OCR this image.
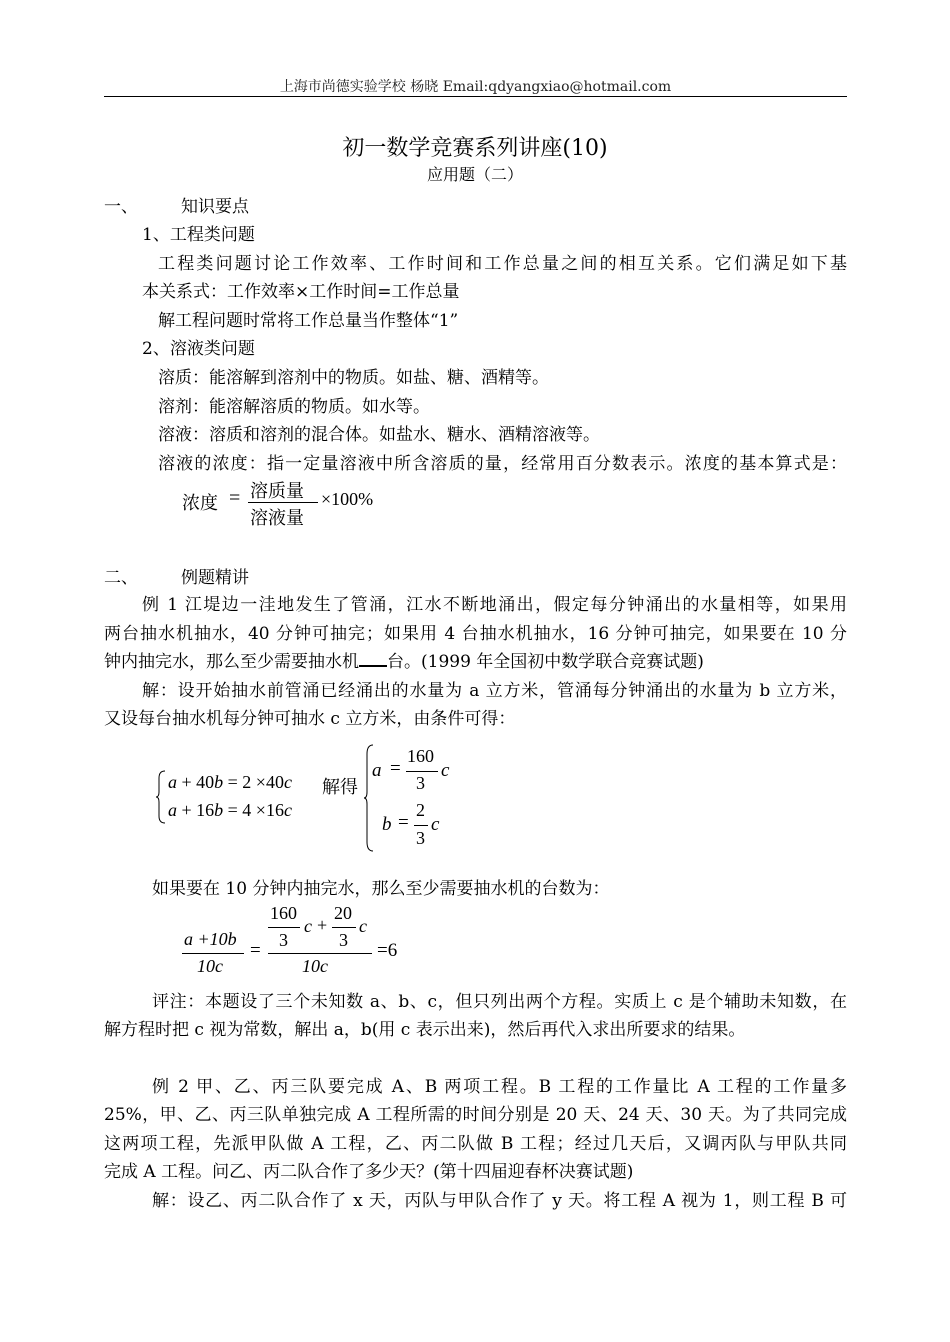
上海市尚德实验学校 杨晓 Email:qdyangxiao@hotmail.com
初一数学竞赛系列讲座(10)
应用题（二）
一、	知识要点
1、工程类问题
工程类问题讨论工作效率、工作时间和工作总量之间的相互关系。它们满足如下基
本关系式：工作效率×工作时间=工作总量
解工程问题时常将工作总量当作整体“1”
2、溶液类问题
溶质：能溶解到溶剂中的物质。如盐、糖、酒精等。
溶剂：能溶解溶质的物质。如水等。
溶液：溶质和溶剂的混合体。如盐水、糖水、酒精溶液等。
溶液的浓度：指一定量溶液中所含溶质的量，经常用百分数表示。浓度的基本算式是：
浓度 = 溶质量
溶液量
×100%
二、	例题精讲
例 1 江堤边一洼地发生了管涌，江水不断地涌出，假定每分钟涌出的水量相等，如果用
两台抽水机抽水，40 分钟可抽完；如果用 4 台抽水机抽水，16 分钟可抽完，如果要在 10 分
钟内抽完水，那么至少需要抽水机 台。(1999 年全国初中数学联合竞赛试题)
解：设开始抽水前管涌已经涌出的水量为 a 立方米，管涌每分钟涌出的水量为 b 立方米，
又设每台抽水机每分钟可抽水 c 立方米，由条件可得：
a + 40b = 2 ×40c
a + 16b = 4 ×16c
解得
a =
160
3
c
b =
2
3
c
如果要在 10 分钟内抽完水，那么至少需要抽水机的台数为：
a +10b
10c
=
160
3
c +
20
3
c
10c
=6
评注：本题设了三个未知数 a、b、c，但只列出两个方程。实质上 c 是个辅助未知数，在
解方程时把 c 视为常数，解出 a，b(用 c 表示出来)，然后再代入求出所要求的结果。
例 2 甲、乙、丙三队要完成 A、B 两项工程。B 工程的工作量比 A 工程的工作量多
25%，甲、乙、丙三队单独完成 A 工程所需的时间分别是 20 天、24 天、30 天。为了共同完成
这两项工程，先派甲队做 A 工程，乙、丙二队做 B 工程；经过几天后，又调丙队与甲队共同
完成 A 工程。问乙、丙二队合作了多少天？(第十四届迎春杯决赛试题)
解：设乙、丙二队合作了 x 天，丙队与甲队合作了 y 天。将工程 A 视为 1，则工程 B 可
